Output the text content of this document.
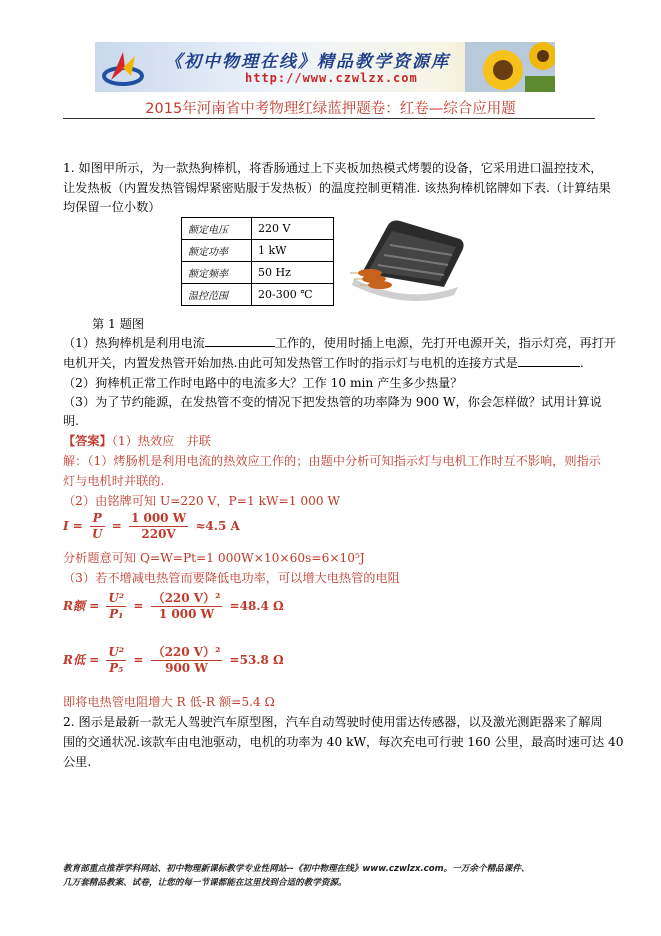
《初中物理在线》精品教学资源库
http://www.czwlzx.com
2015年河南省中考物理红绿蓝押题卷：红卷—综合应用题
1. 如图甲所示，为一款热狗棒机，将香肠通过上下夹板加热模式烤製的设备，它采用进口温控技术，
让发热板（内置发热管锡焊紧密贴服于发热板）的温度控制更精准. 该热狗棒机铭牌如下表.（计算结果
均保留一位小数）
额定电压	220 V
额定功率	1 kW
额定频率	50 Hz
温控范围	20-300 ℃
第 1 题图
（1）热狗棒机是利用电流	工作的，使用时插上电源，先打开电源开关，指示灯亮，再打开
电机开关，内置发热管开始加热.由此可知发热管工作时的指示灯与电机的连接方式是	.
（2）狗棒机正常工作时电路中的电流多大？工作 10 min 产生多少热量？
（3）为了节约能源，在发热管不变的情况下把发热管的功率降为 900 W，你会怎样做？试用计算说
明.
【答案】（1）热效应　并联
解：（1）烤肠机是利用电流的热效应工作的；由题中分析可知指示灯与电机工作时互不影响，则指示
灯与电机时并联的.
（2）由铭牌可知 U=220 V，P=1 kW=1 000 W
$I = \frac{P}{U} = \frac{1 000 W}{220V} \approx 4.5$ A
分析题意可知 Q=W=Pt=1 000W×10×60s=6×10⁵J
（3）若不增减电热管而要降低电功率，可以增大电热管的电阻
R额 = $\frac{\text{U²}}{\text{P₁}} = \frac{\text{（220 V）²}}{1 000 W} =48.4$ Ω
R低 = $\frac{\text{U²}}{\text{P₅}} = \frac{\text{（220 V）²}}{900 W} =53.8$ Ω
即将电热管电阻增大 R 低-R 额=5.4 Ω
2. 图示是最新一款无人驾驶汽车原型图，汽车自动驾驶时使用雷达传感器，以及激光测距器来了解周
围的交通状况.该款车由电池驱动，电机的功率为 40 kW，每次充电可行驶 160 公里，最高时速可达 40
公里.
教育部重点推荐学科网站、初中物理新课标教学专业性网站--《初中物理在线》www.czwlzx.com。一万余个精品课件、
几万套精品教案、试卷，让您的每一节课都能在这里找到合适的教学资源。
